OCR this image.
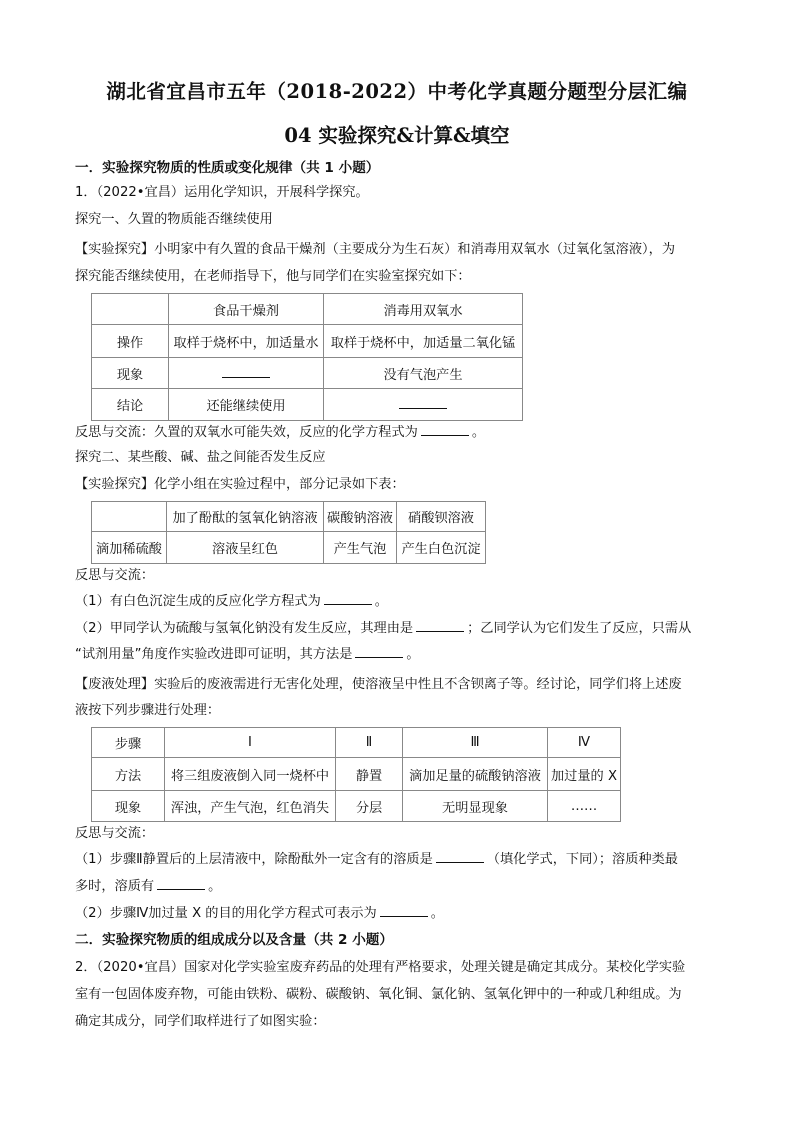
湖北省宜昌市五年（2018-2022）中考化学真题分题型分层汇编
04 实验探究&计算&填空
一．实验探究物质的性质或变化规律（共 1 小题）
1．（2022•宜昌）运用化学知识，开展科学探究。
探究一、久置的物质能否继续使用
【实验探究】小明家中有久置的食品干燥剂（主要成分为生石灰）和消毒用双氧水（过氧化氢溶液），为
探究能否继续使用，在老师指导下，他与同学们在实验室探究如下：
	食品干燥剂	消毒用双氧水
操作	取样于烧杯中，加适量水	取样于烧杯中，加适量二氧化锰
现象		没有气泡产生
结论	还能继续使用	
反思与交流：久置的双氧水可能失效，反应的化学方程式为	。
探究二、某些酸、碱、盐之间能否发生反应
【实验探究】化学小组在实验过程中，部分记录如下表：
	加了酚酞的氢氧化钠溶液	碳酸钠溶液	硝酸钡溶液
滴加稀硫酸	溶液呈红色	产生气泡	产生白色沉淀
反思与交流：
（1）有白色沉淀生成的反应化学方程式为	。
（2）甲同学认为硫酸与氢氧化钠没有发生反应，其理由是	；乙同学认为它们发生了反应，只需从
“试剂用量”角度作实验改进即可证明，其方法是	。
【废液处理】实验后的废液需进行无害化处理，使溶液呈中性且不含钡离子等。经讨论，同学们将上述废
液按下列步骤进行处理：
步骤	Ⅰ	Ⅱ	Ⅲ	Ⅳ
方法	将三组废液倒入同一烧杯中	静置	滴加足量的硫酸钠溶液	加过量的 X
现象	浑浊，产生气泡，红色消失	分层	无明显现象	……
反思与交流：
（1）步骤Ⅱ静置后的上层清液中，除酚酞外一定含有的溶质是	（填化学式，下同）；溶质种类最
多时，溶质有	。
（2）步骤Ⅳ加过量 X 的目的用化学方程式可表示为	。
二．实验探究物质的组成成分以及含量（共 2 小题）
2．（2020•宜昌）国家对化学实验室废弃药品的处理有严格要求，处理关键是确定其成分。某校化学实验
室有一包固体废弃物，可能由铁粉、碳粉、碳酸钠、氧化铜、氯化钠、氢氧化钾中的一种或几种组成。为
确定其成分，同学们取样进行了如图实验：
